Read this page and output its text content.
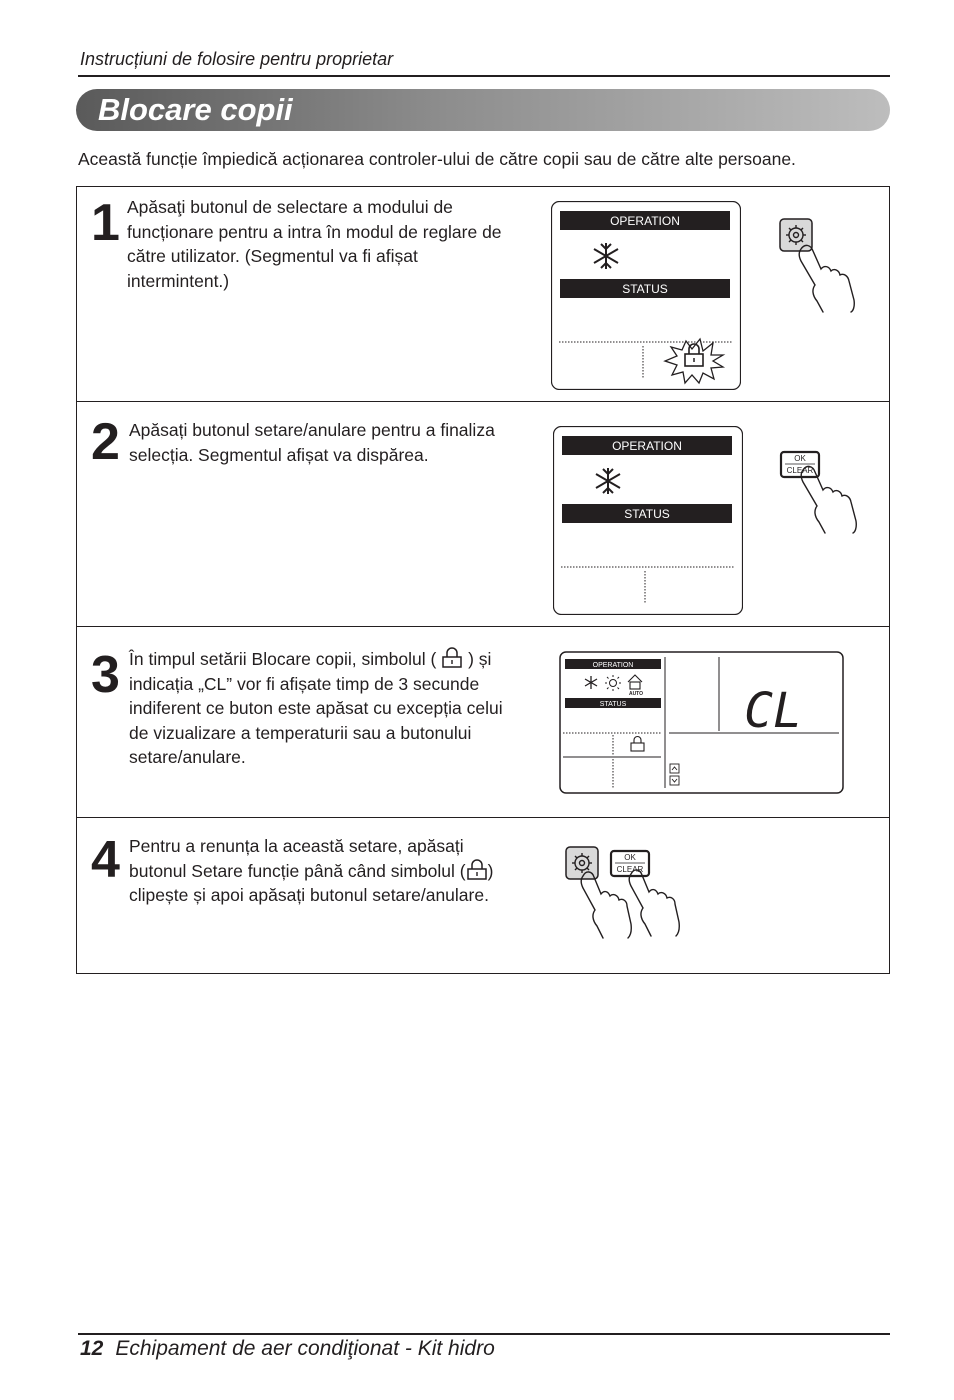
Instrucțiuni de folosire pentru proprietar
Blocare copii
Această funcție împiedică acționarea controler-ului de către copii sau de către alte persoane.
1 Apăsaţi butonul de selectare a modului de
funcționare pentru a intra în modul de reglare de
către utilizator. (Segmentul va fi afișat
intermintent.)
OPERATION
STATUS
2 Apăsați butonul setare/anulare pentru a finaliza
selecția. Segmentul afișat va dispărea.	OPERATION
STATUS
OK
CLEAR
3 În timpul setării Blocare copii, simbolul ( ) și
indicația „CL” vor fi afișate timp de 3 secunde
indiferent ce buton este apăsat cu excepția celui
de vizualizare a temperaturii sau a butonului
setare/anulare.
OPERATION
AUTO
STATUS CL
4 Pentru a renunța la această setare, apăsați
butonul Setare funcție până când simbolul ( )
clipește și apoi apăsați butonul setare/anulare.
OK
CLEAR
12 Echipament de aer condiţionat - Kit hidro
